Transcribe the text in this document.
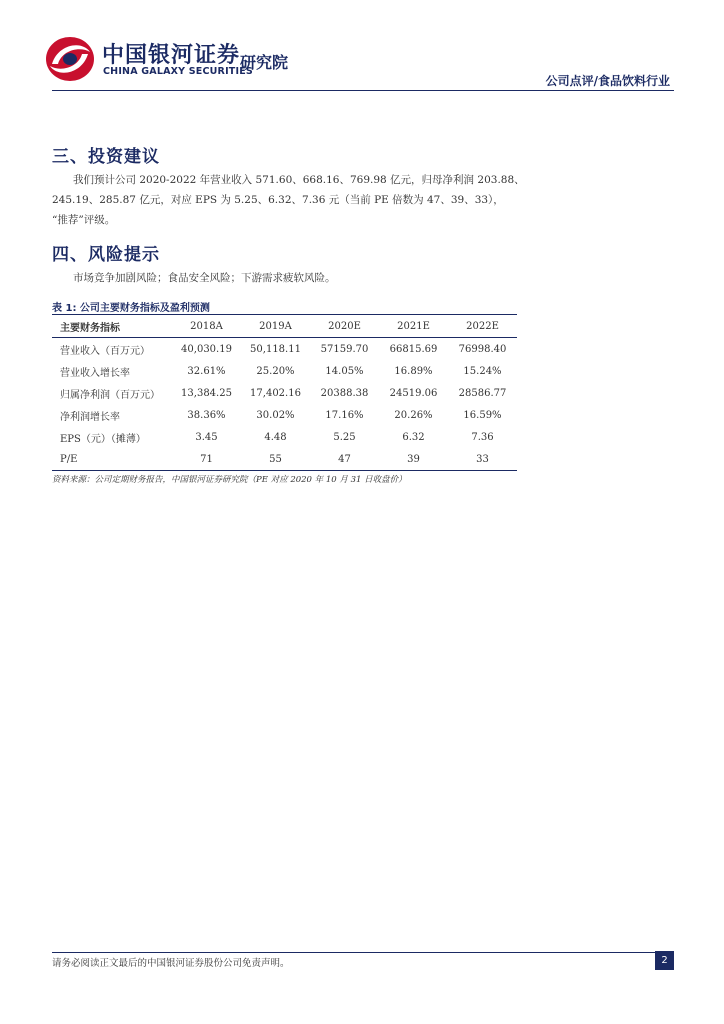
中国银河证券
CHINA GALAXY SECURITIES
研究院
公司点评/食品饮料行业
三、投资建议

我们预计公司 2020-2022 年营业收入 571.60、668.16、769.98 亿元，归母净利润 203.88、

245.19、285.87 亿元，对应 EPS 为 5.25、6.32、7.36 元（当前 PE 倍数为 47、39、33），

“推荐”评级。

四、风险提示

市场竞争加剧风险；食品安全风险；下游需求疲软风险。

表 1: 公司主要财务指标及盈利预测
主要财务指标	2018A	2019A	2020E	2021E	2022E
营业收入（百万元）	40,030.19	50,118.11	57159.70	66815.69	76998.40
营业收入增长率	32.61%	25.20%	14.05%	16.89%	15.24%
归属净利润（百万元）	13,384.25	17,402.16	20388.38	24519.06	28586.77
净利润增长率	38.36%	30.02%	17.16%	20.26%	16.59%
EPS（元）（摊薄）	3.45	4.48	5.25	6.32	7.36
P/E	71	55	47	39	33
资料来源：公司定期财务报告，中国银河证券研究院（PE 对应 2020 年 10 月 31 日收盘价）
请务必阅读正文最后的中国银河证券股份公司免责声明。	2
